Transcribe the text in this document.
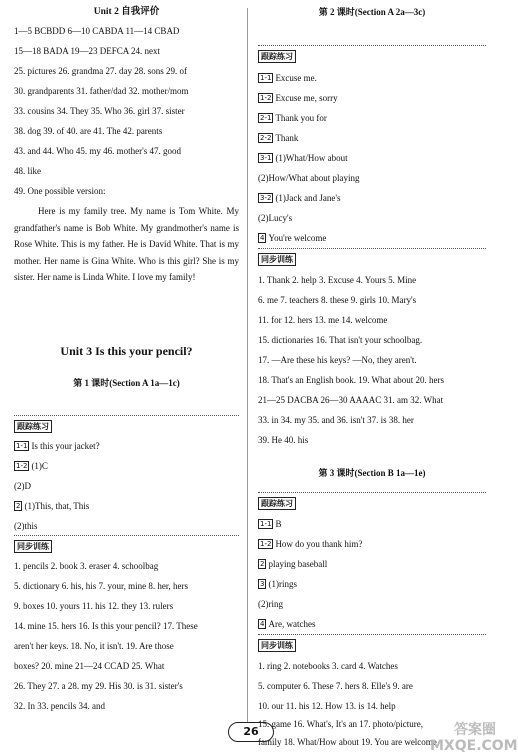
Unit 2 自我评价
1—5 BCBDD 6—10 CABDA 11—14 CBAD
15—18 BADA 19—23 DEFCA 24. next
25. pictures 26. grandma 27. day 28. sons 29. of
30. grandparents 31. father/dad 32. mother/mom
33. cousins 34. They 35. Who 36. girl 37. sister
38. dog 39. of 40. are 41. The 42. parents
43. and 44. Who 45. my 46. mother's 47. good
48. like
49. One possible version:
Here is my family tree. My name is Tom White. My grandfather's name is Bob White. My grandmother's name is Rose White. This is my father. He is David White. That is my mother. Her name is Gina White. Who is this girl? She is my sister. Her name is Linda White. I love my family!
Unit 3 Is this your pencil?
第 1 课时(Section A 1a—1c)
跟踪练习
1-1 Is this your jacket?
1-2 (1)C
(2)D
2 (1)This, that, This
(2)this
同步训练
1. pencils 2. book 3. eraser 4. schoolbag
5. dictionary 6. his, his 7. your, mine 8. her, hers
9. boxes 10. yours 11. his 12. they 13. rulers
14. mine 15. hers 16. Is this your pencil? 17. These
aren't her keys. 18. No, it isn't. 19. Are those
boxes? 20. mine 21—24 CCAD 25. What
26. They 27. a 28. my 29. His 30. is 31. sister's
32. In 33. pencils 34. and
第 2 课时(Section A 2a—3c)
跟踪练习
1-1 Excuse me.
1-2 Excuse me, sorry
2-1 Thank you for
2-2 Thank
3-1 (1)What/How about
(2)How/What about playing
3-2 (1)Jack and Jane's
(2)Lucy's
4 You're welcome
同步训练
1. Thank 2. help 3. Excuse 4. Yours 5. Mine
6. me 7. teachers 8. these 9. girls 10. Mary's
11. for 12. hers 13. me 14. welcome
15. dictionaries 16. That isn't your schoolbag.
17. —Are these his keys? —No, they aren't.
18. That's an English book. 19. What about 20. hers
21—25 DACBA 26—30 AAAAC 31. am 32. What
33. in 34. my 35. and 36. isn't 37. is 38. her
39. He 40. his
第 3 课时(Section B 1a—1e)
跟踪练习
1-1 B
1-2 How do you thank him?
2 playing baseball
3 (1)rings
(2)ring
4 Are, watches
同步训练
1. ring 2. notebooks 3. card 4. Watches
5. computer 6. These 7. hers 8. Elle's 9. are
10. our 11. his 12. How 13. is 14. help
15. game 16. What's, It's an 17. photo/picture,
family 18. What/How about 19. You are welcome
26	答案圈 MXQE.COM
